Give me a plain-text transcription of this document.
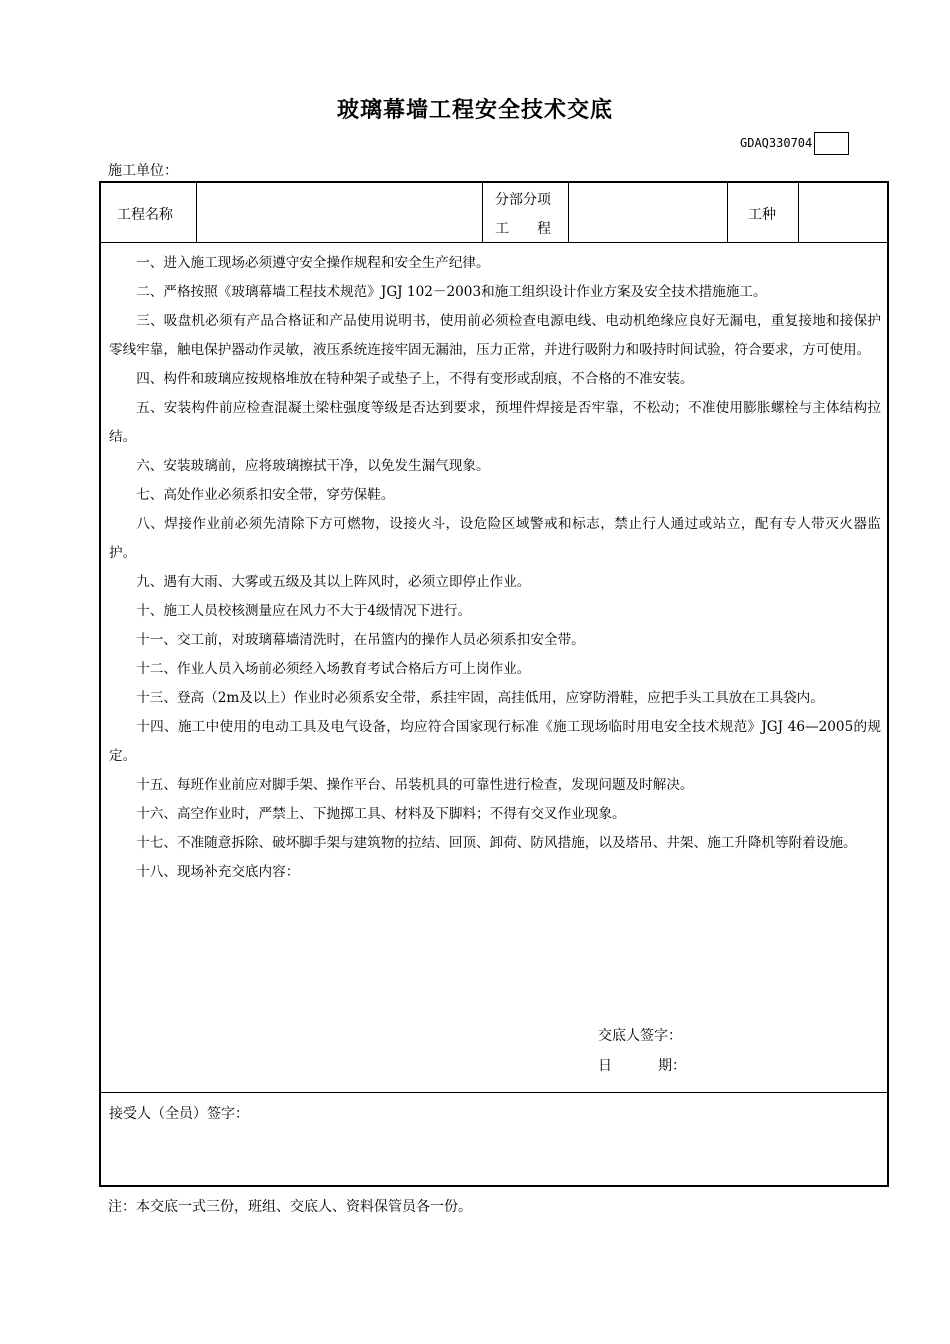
玻璃幕墙工程安全技术交底
GDAQ330704
施工单位：
工程名称
分部分项
工　　程
工种

一、进入施工现场必须遵守安全操作规程和安全生产纪律。

二、严格按照《玻璃幕墙工程技术规范》JGJ 102－2003和施工组织设计作业方案及安全技术措施施工。

三、吸盘机必须有产品合格证和产品使用说明书，使用前必须检查电源电线、电动机绝缘应良好无漏电，重复接地和接保护零线牢靠，触电保护器动作灵敏，液压系统连接牢固无漏油，压力正常，并进行吸附力和吸持时间试验，符合要求，方可使用。

四、构件和玻璃应按规格堆放在特种架子或垫子上，不得有变形或刮痕，不合格的不准安装。

五、安装构件前应检查混凝土梁柱强度等级是否达到要求，预埋件焊接是否牢靠，不松动；不准使用膨胀螺栓与主体结构拉结。

六、安装玻璃前，应将玻璃擦拭干净，以免发生漏气现象。

七、高处作业必须系扣安全带，穿劳保鞋。

八、焊接作业前必须先清除下方可燃物，设接火斗，设危险区域警戒和标志，禁止行人通过或站立，配有专人带灭火器监护。

九、遇有大雨、大雾或五级及其以上阵风时，必须立即停止作业。

十、施工人员校核测量应在风力不大于4级情况下进行。

十一、交工前，对玻璃幕墙清洗时，在吊篮内的操作人员必须系扣安全带。

十二、作业人员入场前必须经入场教育考试合格后方可上岗作业。

十三、登高（2m及以上）作业时必须系安全带，系挂牢固，高挂低用，应穿防滑鞋，应把手头工具放在工具袋内。

十四、施工中使用的电动工具及电气设备，均应符合国家现行标准《施工现场临时用电安全技术规范》JGJ 46—2005的规定。

十五、每班作业前应对脚手架、操作平台、吊装机具的可靠性进行检查，发现问题及时解决。

十六、高空作业时，严禁上、下抛掷工具、材料及下脚料；不得有交叉作业现象。

十七、不准随意拆除、破坏脚手架与建筑物的拉结、回顶、卸荷、防风措施，以及塔吊、井架、施工升降机等附着设施。

十八、现场补充交底内容：

交底人签字：
日	期：
接受人（全员）签字：
注：本交底一式三份，班组、交底人、资料保管员各一份。
